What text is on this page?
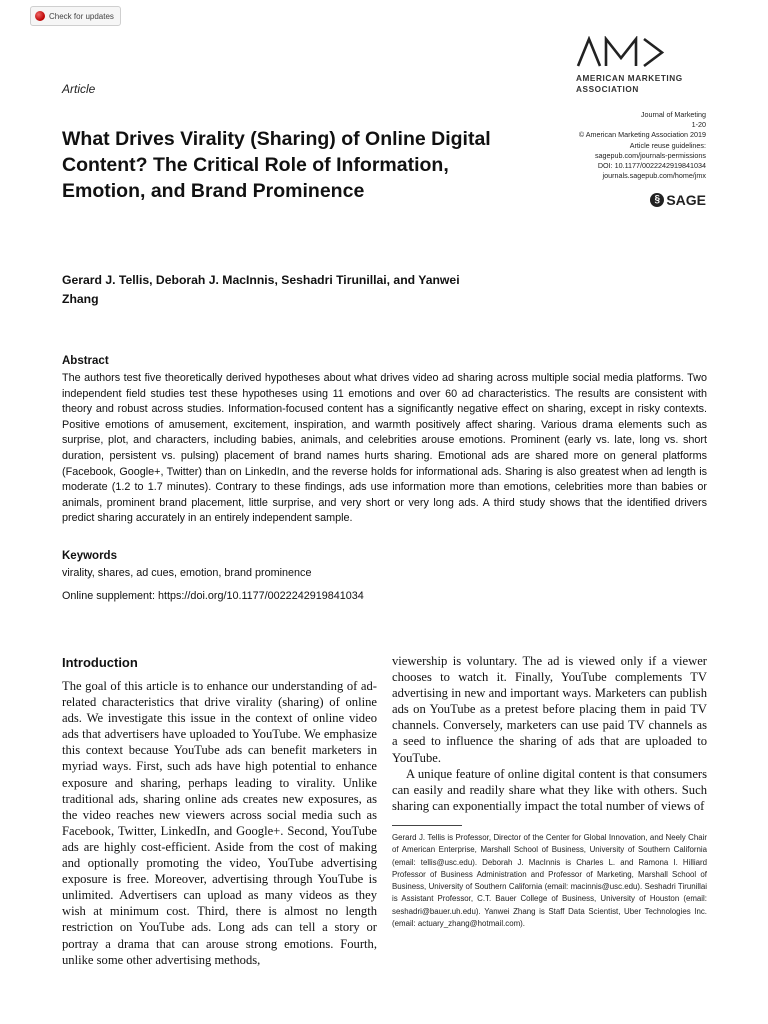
Check for updates
Article
AMERICAN MARKETING
ASSOCIATION
Journal of Marketing
1-20
© American Marketing Association 2019
Article reuse guidelines:
sagepub.com/journals-permissions
DOI: 10.1177/0022242919841034
journals.sagepub.com/home/jmx
§ SAGE
What Drives Virality (Sharing) of Online Digital Content? The Critical Role of Information, Emotion, and Brand Prominence
Gerard J. Tellis, Deborah J. MacInnis, Seshadri Tirunillai, and Yanwei Zhang
Abstract
The authors test five theoretically derived hypotheses about what drives video ad sharing across multiple social media platforms. Two independent field studies test these hypotheses using 11 emotions and over 60 ad characteristics. The results are consistent with theory and robust across studies. Information-focused content has a significantly negative effect on sharing, except in risky contexts. Positive emotions of amusement, excitement, inspiration, and warmth positively affect sharing. Various drama elements such as surprise, plot, and characters, including babies, animals, and celebrities arouse emotions. Prominent (early vs. late, long vs. short duration, persistent vs. pulsing) placement of brand names hurts sharing. Emotional ads are shared more on general platforms (Facebook, Google+, Twitter) than on LinkedIn, and the reverse holds for informational ads. Sharing is also greatest when ad length is moderate (1.2 to 1.7 minutes). Contrary to these findings, ads use information more than emotions, celebrities more than babies or animals, prominent brand placement, little surprise, and very short or very long ads. A third study shows that the identified drivers predict sharing accurately in an entirely independent sample.
Keywords
virality, shares, ad cues, emotion, brand prominence
Online supplement: https://doi.org/10.1177/0022242919841034
Introduction

The goal of this article is to enhance our understanding of ad-related characteristics that drive virality (sharing) of online ads. We investigate this issue in the context of online video ads that advertisers have uploaded to YouTube. We emphasize this context because YouTube ads can benefit marketers in myriad ways. First, such ads have high potential to enhance exposure and sharing, perhaps leading to virality. Unlike traditional ads, sharing online ads creates new exposures, as the video reaches new viewers across social media such as Facebook, Twitter, LinkedIn, and Google+. Second, YouTube ads are highly cost-efficient. Aside from the cost of making and optionally promoting the video, YouTube advertising exposure is free. Moreover, advertising through YouTube is unlimited. Advertisers can upload as many videos as they wish at minimum cost. Third, there is almost no length restriction on YouTube ads. Long ads can tell a story or portray a drama that can arouse strong emotions. Fourth, unlike some other advertising methods,

viewership is voluntary. The ad is viewed only if a viewer chooses to watch it. Finally, YouTube complements TV advertising in new and important ways. Marketers can publish ads on YouTube as a pretest before placing them in paid TV channels. Conversely, marketers can use paid TV channels as a seed to influence the sharing of ads that are uploaded to YouTube.

A unique feature of online digital content is that consumers can easily and readily share what they like with others. Such sharing can exponentially impact the total number of views of

Gerard J. Tellis is Professor, Director of the Center for Global Innovation, and Neely Chair of American Enterprise, Marshall School of Business, University of Southern California (email: tellis@usc.edu). Deborah J. MacInnis is Charles L. and Ramona I. Hilliard Professor of Business Administration and Professor of Marketing, Marshall School of Business, University of Southern California (email: macinnis@usc.edu). Seshadri Tirunillai is Assistant Professor, C.T. Bauer College of Business, University of Houston (email: seshadri@bauer.uh.edu). Yanwei Zhang is Staff Data Scientist, Uber Technologies Inc. (email: actuary_zhang@hotmail.com).
